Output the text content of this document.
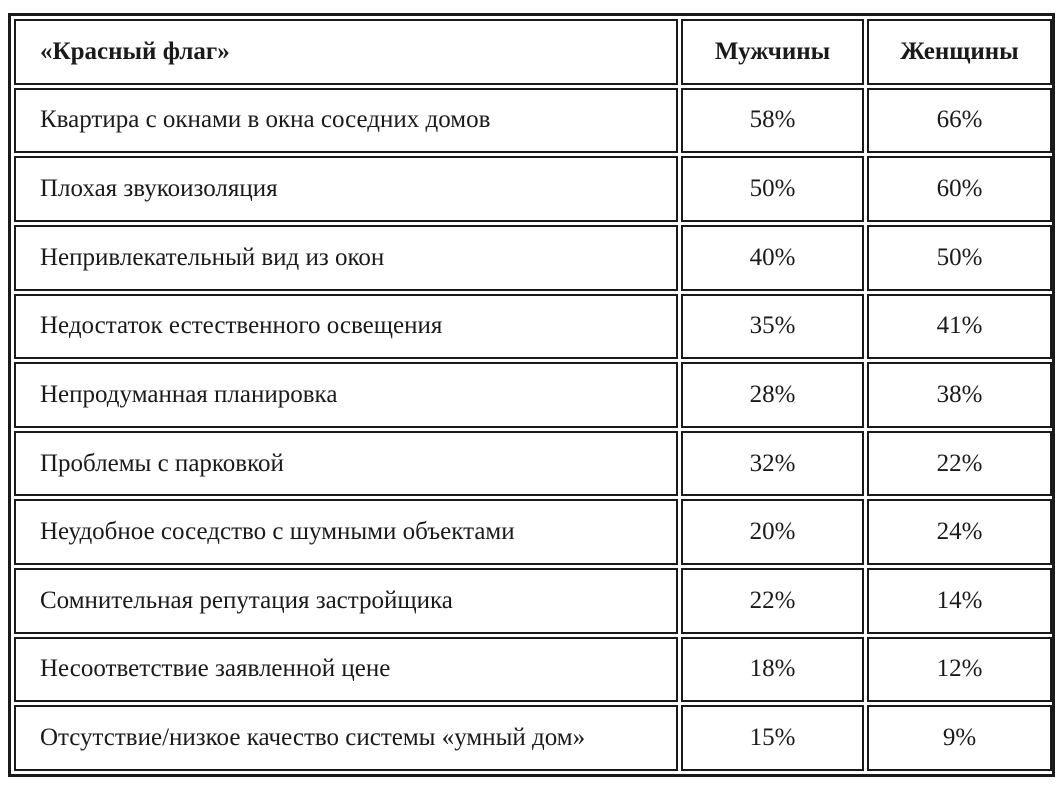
«Красный флаг»	Мужчины	Женщины
Квартира с окнами в окна соседних домов	58%	66%
Плохая звукоизоляция	50%	60%
Непривлекательный вид из окон	40%	50%
Недостаток естественного освещения	35%	41%
Непродуманная планировка	28%	38%
Проблемы с парковкой	32%	22%
Неудобное соседство с шумными объектами	20%	24%
Сомнительная репутация застройщика	22%	14%
Несоответствие заявленной цене	18%	12%
Отсутствие/низкое качество системы «умный дом»	15%	9%
